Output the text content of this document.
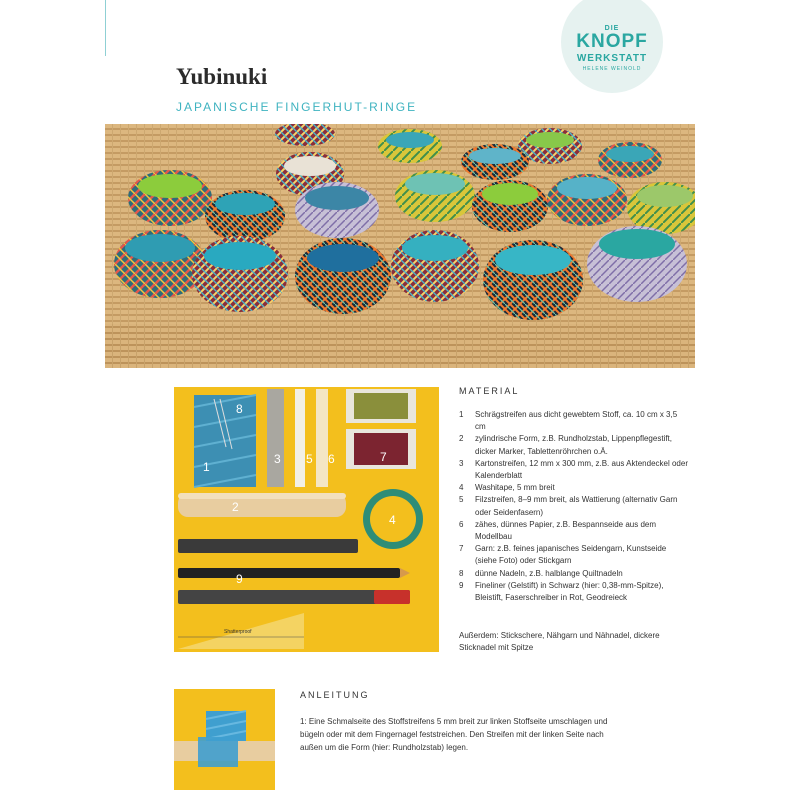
DIE
KNOPF
WERKSTATT
HELENE WEINOLD
Yubinuki
JAPANISCHE FINGERHUT-RINGE
Shatterproof
8
1
3 5 6	7
2
4
9
MATERIAL
1	Schrägstreifen aus dicht gewebtem Stoff, ca. 10 cm x 3,5 cm
2	zylindrische Form, z.B. Rundholzstab, Lippenpflegestift, dicker Marker, Tablettenröhrchen o.Ä.
3	Kartonstreifen, 12 mm x 300 mm, z.B. aus Aktendeckel oder Kalenderblatt
4	Washitape, 5 mm breit
5	Filzstreifen, 8–9 mm breit, als Wattierung (alternativ Garn oder Seidenfasern)
6	zähes, dünnes Papier, z.B. Bespannseide aus dem Modellbau
7	Garn: z.B. feines japanisches Seidengarn, Kunstseide (siehe Foto) oder Stickgarn
8	dünne Nadeln, z.B. halblange Quiltnadeln
9	Fineliner (Gelstift) in Schwarz (hier: 0,38-mm-Spitze), Bleistift, Faserschreiber in Rot, Geodreieck
Außerdem: Stickschere, Nähgarn und Nähnadel, dickere Sticknadel mit Spitze
ANLEITUNG
1: Eine Schmalseite des Stoffstreifens 5 mm breit zur linken Stoffseite umschlagen und bügeln oder mit dem Fingernagel feststreichen. Den Streifen mit der linken Seite nach außen um die Form (hier: Rundholzstab) legen.
